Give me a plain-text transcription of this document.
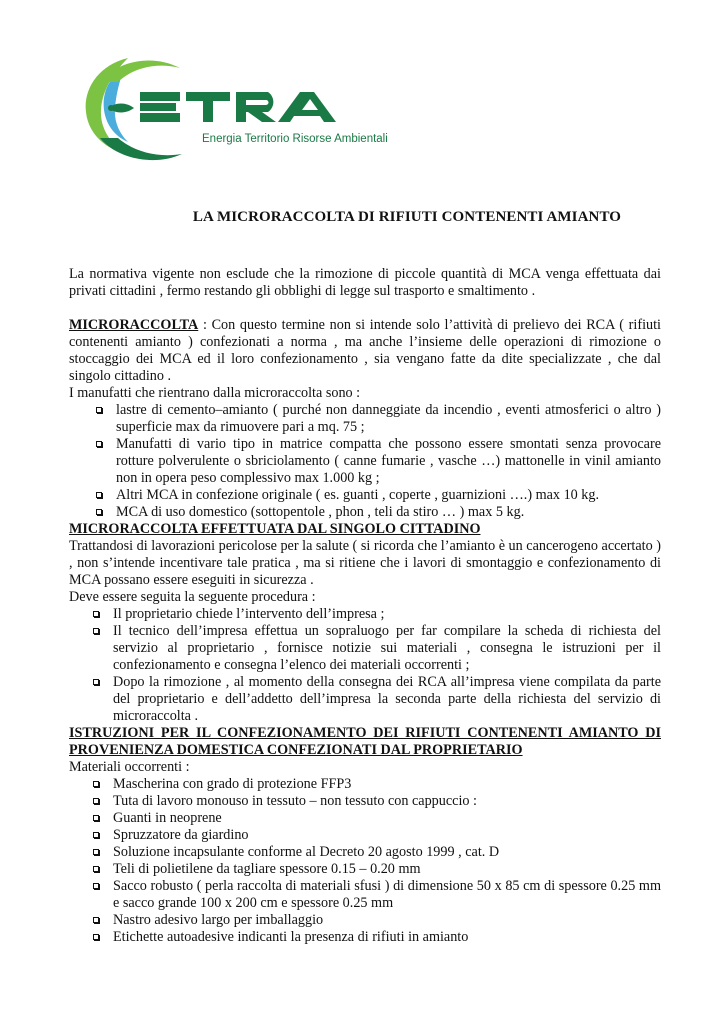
Energia Territorio Risorse Ambientali
LA MICRORACCOLTA DI RIFIUTI CONTENENTI AMIANTO

La normativa vigente non esclude che la rimozione di piccole quantità di MCA venga effettuata dai privati cittadini , fermo restando gli obblighi di legge sul trasporto e smaltimento .

MICRORACCOLTA : Con questo termine non si intende solo l’attività di prelievo dei RCA ( rifiuti contenenti amianto ) confezionati a norma , ma anche l’insieme delle operazioni di rimozione o stoccaggio dei MCA ed il loro confezionamento , sia vengano fatte da dite specializzate , che dal singolo cittadino .

I manufatti che rientrano dalla microraccolta sono :

lastre di cemento–amianto ( purché non danneggiate da incendio , eventi atmosferici o altro ) superficie max da rimuovere pari a mq. 75 ;
Manufatti di vario tipo in matrice compatta che possono essere smontati senza provocare rotture polverulente o sbriciolamento ( canne fumarie , vasche …) mattonelle in vinil amianto non in opera peso complessivo max 1.000 kg ;
Altri MCA in confezione originale ( es. guanti , coperte , guarnizioni ….) max 10 kg.
MCA di uso domestico (sottopentole , phon , teli da stiro … ) max 5 kg.

MICRORACCOLTA EFFETTUATA DAL SINGOLO CITTADINO

Trattandosi di lavorazioni pericolose per la salute ( si ricorda che l’amianto è un cancerogeno accertato ) , non s’intende incentivare tale pratica , ma si ritiene che i lavori di smontaggio e confezionamento di MCA possano essere eseguiti in sicurezza .

Deve essere seguita la seguente procedura :

Il proprietario chiede l’intervento dell’impresa ;
Il tecnico dell’impresa effettua un sopraluogo per far compilare la scheda di richiesta del servizio al proprietario , fornisce notizie sui materiali , consegna le istruzioni per il confezionamento e consegna l’elenco dei materiali occorrenti ;
Dopo la rimozione , al momento della consegna dei RCA all’impresa viene compilata da parte del proprietario e dell’addetto dell’impresa la seconda parte della richiesta del servizio di microraccolta .

ISTRUZIONI PER IL CONFEZIONAMENTO DEI RIFIUTI CONTENENTI AMIANTO DI PROVENIENZA DOMESTICA CONFEZIONATI DAL PROPRIETARIO

Materiali occorrenti :

Mascherina con grado di protezione FFP3
Tuta di lavoro monouso in tessuto – non tessuto con cappuccio :
Guanti in neoprene
Spruzzatore da giardino
Soluzione incapsulante conforme al Decreto 20 agosto 1999 , cat. D
Teli di polietilene da tagliare spessore 0.15 – 0.20 mm
Sacco robusto ( perla raccolta di materiali sfusi ) di dimensione 50 x 85 cm di spessore 0.25 mm e sacco grande 100 x 200 cm e spessore 0.25 mm
Nastro adesivo largo per imballaggio
Etichette autoadesive indicanti la presenza di rifiuti in amianto
